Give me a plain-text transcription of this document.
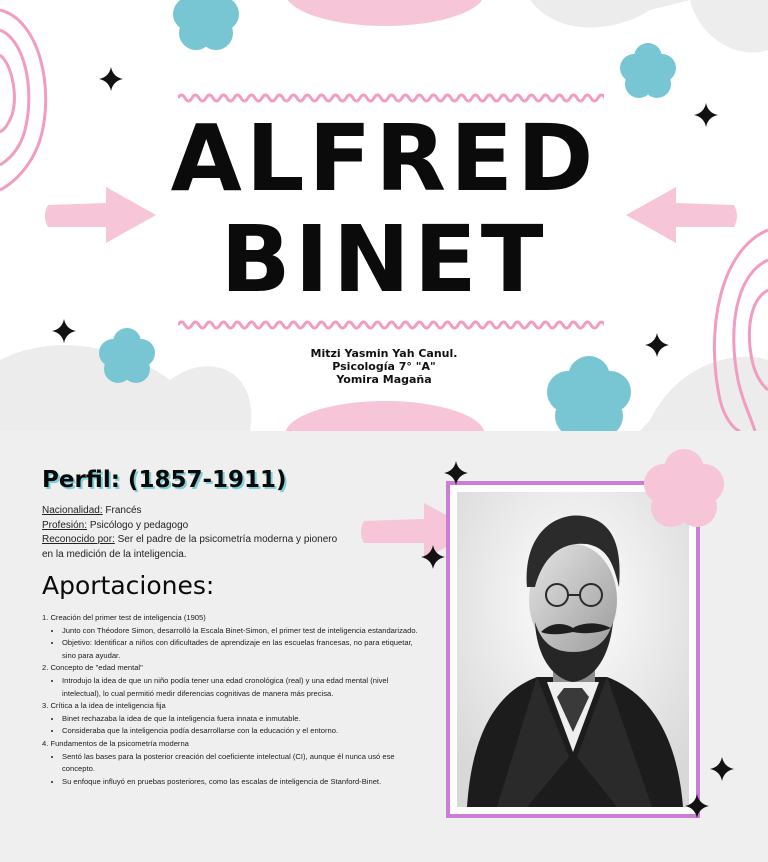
ALFRED
BINET
Mitzi Yasmin Yah Canul.
Psicología 7° "A"
Yomira Magaña
Perfil: (1857-1911)
Nacionalidad: Francés
Profesión: Psicólogo y pedagogo
Reconocido por: Ser el padre de la psicometría moderna y pionero en la medición de la inteligencia.
Aportaciones:
1. Creación del primer test de inteligencia (1905)
• Junto con Théodore Simon, desarrolló la Escala Binet-Simon, el primer test de inteligencia estandarizado.
• Objetivo: Identificar a niños con dificultades de aprendizaje en las escuelas francesas, no para etiquetar, sino para ayudar.
2. Concepto de "edad mental"
• Introdujo la idea de que un niño podía tener una edad cronológica (real) y una edad mental (nivel intelectual), lo cual permitió medir diferencias cognitivas de manera más precisa.
3. Crítica a la idea de inteligencia fija
• Binet rechazaba la idea de que la inteligencia fuera innata e inmutable.
• Consideraba que la inteligencia podía desarrollarse con la educación y el entorno.
4. Fundamentos de la psicometría moderna
• Sentó las bases para la posterior creación del coeficiente intelectual (CI), aunque él nunca usó ese concepto.
• Su enfoque influyó en pruebas posteriores, como las escalas de inteligencia de Stanford-Binet.
